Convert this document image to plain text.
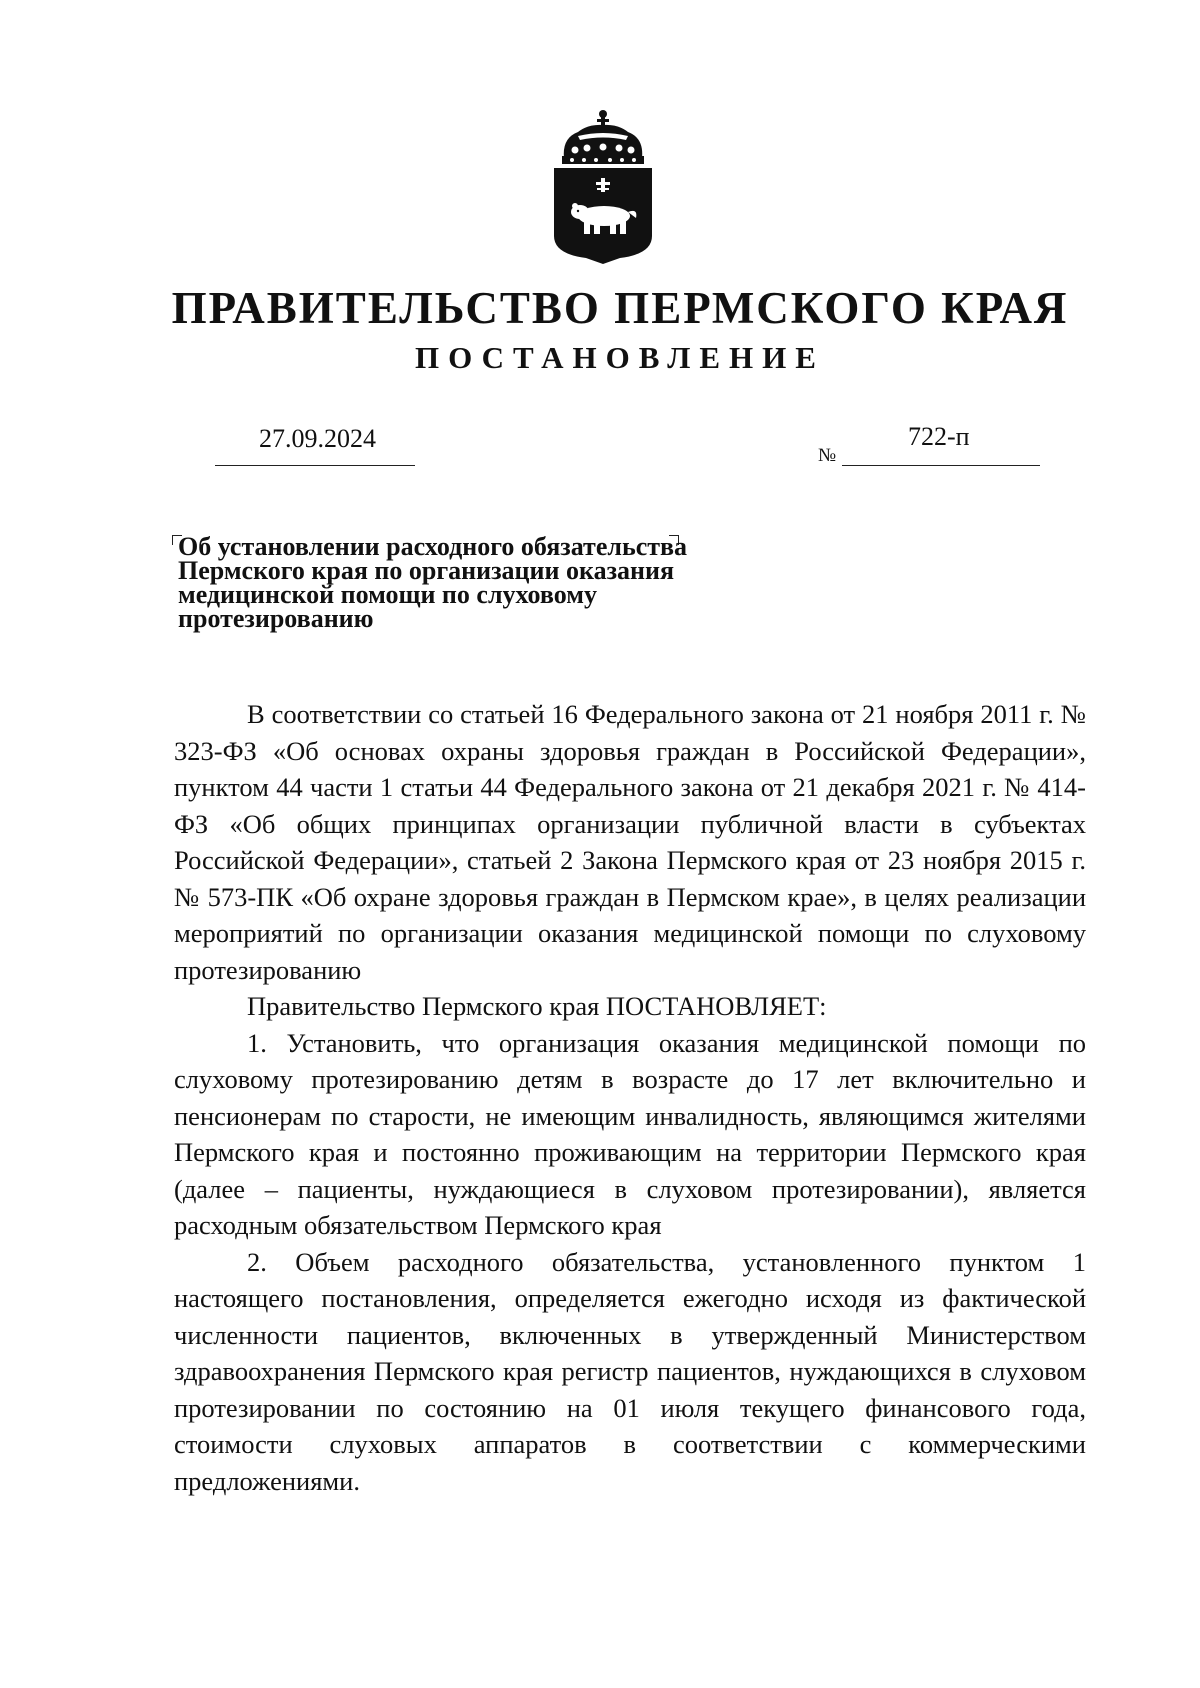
ПРАВИТЕЛЬСТВО ПЕРМСКОГО КРАЯ
ПОСТАНОВЛЕНИЕ
27.09.2024
№
722-п
Об установлении расходного обязательства
Пермского края по организации оказания
медицинской помощи по слуховому
протезированию

В соответствии со статьей 16 Федерального закона от 21 ноября 2011 г. № 323-ФЗ «Об основах охраны здоровья граждан в Российской Федерации», пунктом 44 части 1 статьи 44 Федерального закона от 21 декабря 2021 г. № 414-ФЗ «Об общих принципах организации публичной власти в субъектах Российской Федерации», статьей 2 Закона Пермского края от 23 ноября 2015 г. № 573-ПК «Об охране здоровья граждан в Пермском крае», в целях реализации мероприятий по организации оказания медицинской помощи по слуховому протезированию

Правительство Пермского края ПОСТАНОВЛЯЕТ:

1. Установить, что организация оказания медицинской помощи по слуховому протезированию детям в возрасте до 17 лет включительно и пенсионерам по старости, не имеющим инвалидность, являющимся жителями Пермского края и постоянно проживающим на территории Пермского края (далее – пациенты, нуждающиеся в слуховом протезировании), является расходным обязательством Пермского края

2. Объем расходного обязательства, установленного пунктом 1 настоящего постановления, определяется ежегодно исходя из фактической численности пациентов, включенных в утвержденный Министерством здравоохранения Пермского края регистр пациентов, нуждающихся в слуховом протезировании по состоянию на 01 июля текущего финансового года, стоимости слуховых аппаратов в соответствии с коммерческими предложениями.
